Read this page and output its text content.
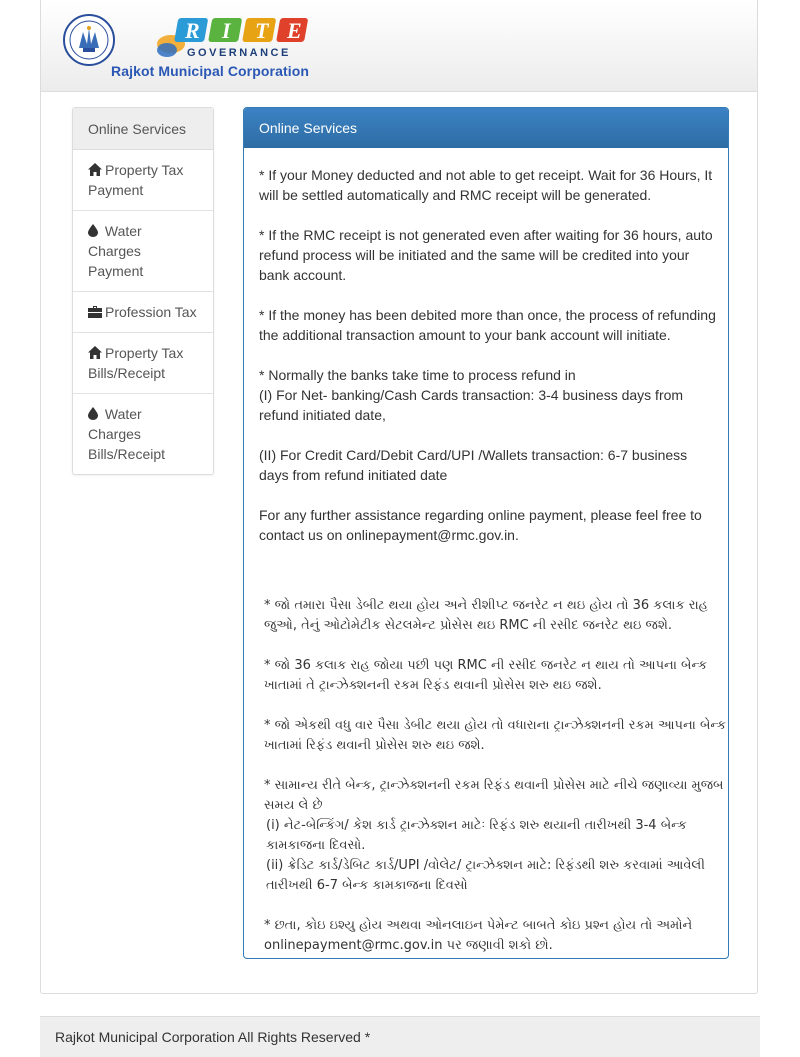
R I T E
GOVERNANCE
Rajkot Municipal Corporation
Online Services
Property Tax Payment
Water Charges Payment
Profession Tax
Property Tax Bills/Receipt
Water Charges Bills/Receipt
Online Services

* If your Money deducted and not able to get receipt. Wait for 36 Hours, It will be settled automatically and RMC receipt will be generated.

* If the RMC receipt is not generated even after waiting for 36 hours, auto refund process will be initiated and the same will be credited into your bank account.

* If the money has been debited more than once, the process of refunding the additional transaction amount to your bank account will initiate.

* Normally the banks take time to process refund in
(I) For Net- banking/Cash Cards transaction: 3-4 business days from refund initiated date,

(II) For Credit Card/Debit Card/UPI /Wallets transaction: 6-7 business days from refund initiated date

For any further assistance regarding online payment, please feel free to contact us on onlinepayment@rmc.gov.in.

* જો તમારા પૈસા ડેબીટ થયા હોય અને રીશીપ્ટ જનરેટ ન થઇ હોય તો 36 કલાક રાહ જુઓ, તેનું ઓટોમેટીક સેટલમેન્ટ પ્રોસેસ થઇ RMC ની રસીદ જનરેટ થઇ જશે.

* જો 36 કલાક રાહ જોયા પછી પણ RMC ની રસીદ જનરેટ ન થાય તો આપના બેન્ક ખાતામાં તે ટ્રાન્ઝેક્શનની રકમ રિફંડ થવાની પ્રોસેસ શરુ થઇ જશે.

* જો એકથી વધુ વાર પૈસા ડેબીટ થયા હોય તો વધારાના ટ્રાન્ઝેક્શનની રકમ આપના બેન્ક ખાતામાં રિફંડ થવાની પ્રોસેસ શરુ થઇ જશે.

* સામાન્ય રીતે બેન્ક, ટ્રાન્ઝેક્શનની રકમ રિફંડ થવાની પ્રોસેસ માટે નીચે જણાવ્યા મુજબ સમય લે છે
(i) નેટ-બેન્કિંગ/ કેશ કાર્ડ ટ્રાન્ઝેક્શન માટેઃ રિફંડ શરુ થયાની તારીખથી 3-4 બેન્ક કામકાજના દિવસો.

(ii) ક્રેડિટ કાર્ડ/ડેબિટ કાર્ડ/UPI /વોલેટ/ ટ્રાન્ઝેક્શન માટે: રિફંડથી શરુ કરવામાં આવેલી તારીખથી 6-7 બેન્ક કામકાજના દિવસો

* છતા, કોઇ ઇશ્યુ હોય અથવા ઓનલાઇન પેમેન્ટ બાબતે કોઇ પ્રશ્ન હોય તો અમોને onlinepayment@rmc.gov.in પર જણાવી શકો છો.

Rajkot Municipal Corporation All Rights Reserved *
